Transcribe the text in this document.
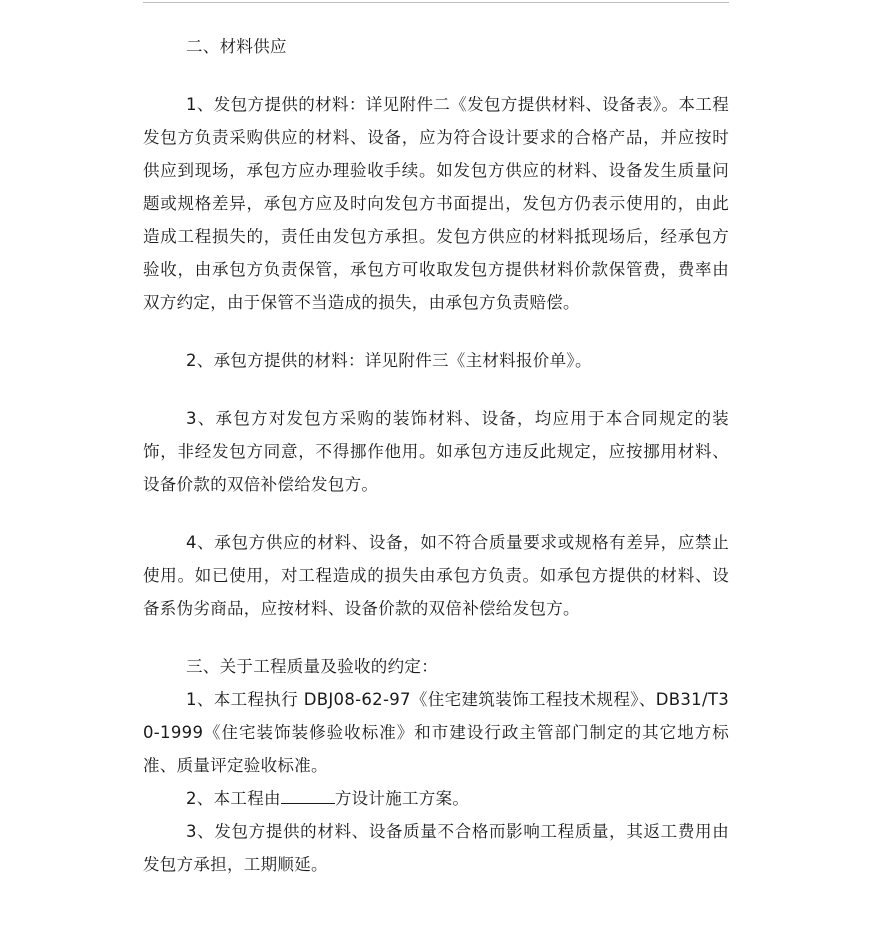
二、材料供应

1、发包方提供的材料：详见附件二《发包方提供材料、设备表》。本工程发包方负责采购供应的材料、设备，应为符合设计要求的合格产品，并应按时供应到现场，承包方应办理验收手续。如发包方供应的材料、设备发生质量问题或规格差异，承包方应及时向发包方书面提出，发包方仍表示使用的，由此造成工程损失的，责任由发包方承担。发包方供应的材料抵现场后，经承包方验收，由承包方负责保管，承包方可收取发包方提供材料价款保管费，费率由双方约定，由于保管不当造成的损失，由承包方负责赔偿。

2、承包方提供的材料：详见附件三《主材料报价单》。

3、承包方对发包方采购的装饰材料、设备，均应用于本合同规定的装饰，非经发包方同意，不得挪作他用。如承包方违反此规定，应按挪用材料、设备价款的双倍补偿给发包方。

4、承包方供应的材料、设备，如不符合质量要求或规格有差异，应禁止使用。如已使用，对工程造成的损失由承包方负责。如承包方提供的材料、设备系伪劣商品，应按材料、设备价款的双倍补偿给发包方。

三、关于工程质量及验收的约定：

1、本工程执行 DBJ08-62-97《住宅建筑装饰工程技术规程》、DB31/T30-1999《住宅装饰装修验收标准》和市建设行政主管部门制定的其它地方标准、质量评定验收标准。

2、本工程由	方设计施工方案。

3、发包方提供的材料、设备质量不合格而影响工程质量，其返工费用由发包方承担，工期顺延。
